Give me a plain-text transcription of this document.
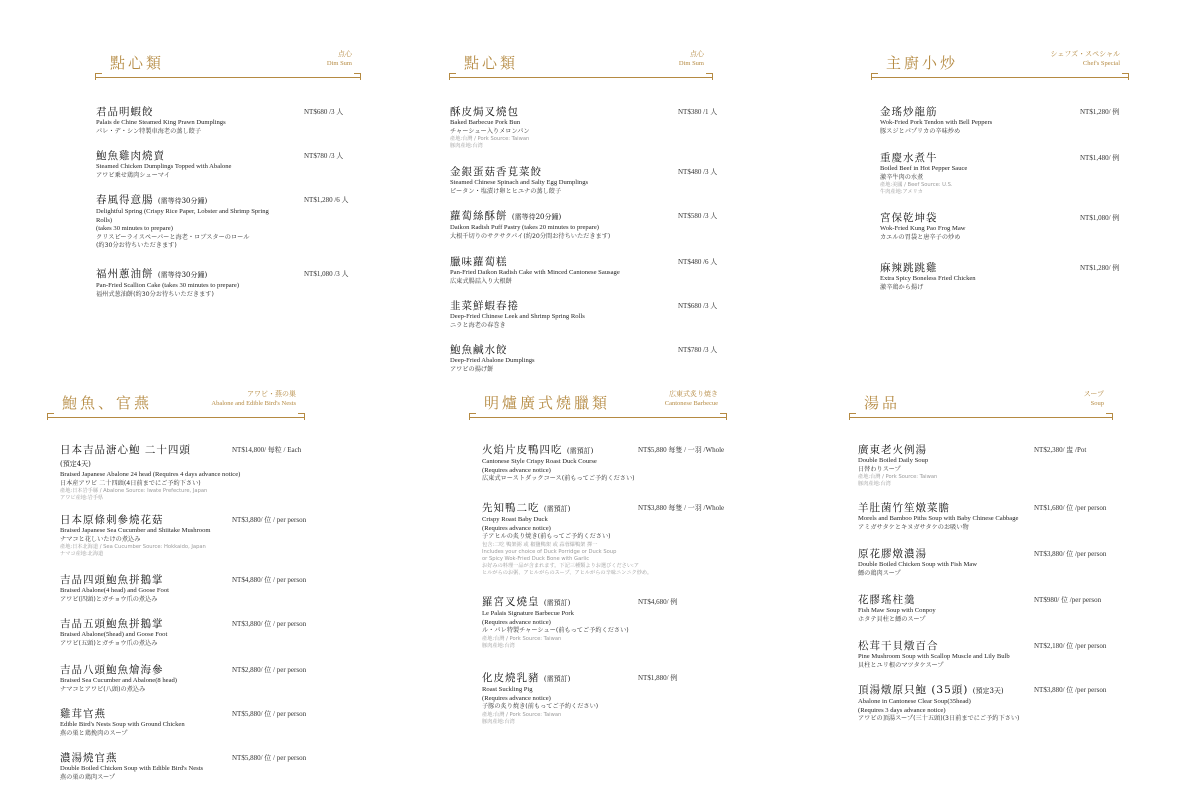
點心類	点心
Dim Sum
君品明蝦餃	NT$680 /3 人
Palais de Chine Steamed King Prawn Dumplings
パレ・デ・シン特製車海老の蒸し餃子
鮑魚雞肉燒賣	NT$780 /3 人
Steamed Chicken Dumplings Topped with Abalone
アワビ乗せ鶏肉シューマイ
春風得意腸 (需等待30分鐘)	NT$1,280 /6 人
Delightful Spring (Crispy Rice Paper, Lobster and Shrimp Spring Rolls)
(takes 30 minutes to prepare)
クリスピーライスペーパーと海老・ロブスターのロール
(約30分お待ちいただきます)
福州蔥油餅 (需等待30分鐘)	NT$1,080 /3 人
Pan-Fried Scallion Cake (takes 30 minutes to prepare)
福州式葱油餅(約30分お待ちいただきます)
點心類	点心
Dim Sum
酥皮焗叉燒包	NT$380 /1 人
Baked Barbecue Pork Bun
チャーシュー入りメロンパン
產地:台灣 / Pork Source: Taiwan
豚肉産地:台湾
金銀蛋菇香莧菜餃	NT$480 /3 人
Steamed Chinese Spinach and Salty Egg Dumplings
ピータン・塩漬け卵とヒユナの蒸し餃子
蘿蔔絲酥餅 (需等待20分鐘)	NT$580 /3 人
Daikon Radish Puff Pastry (takes 20 minutes to prepare)
大根千切りのサクサクパイ(約20分間お待ちいただきます)
臘味蘿蔔糕	NT$480 /6 人
Pan-Fried Daikon Radish Cake with Minced Cantonese Sausage
広東式腸詰入り大根餅
韭菜鮮蝦春捲	NT$680 /3 人
Deep-Fried Chinese Leek and Shrimp Spring Rolls
ニラと海老の春巻き
鮑魚鹹水餃	NT$780 /3 人
Deep-Fried Abalone Dumplings
アワビの揚げ餅
主廚小炒	シェフズ・スペシャル
Chef's Special
金瑤炒龍筋	NT$1,280/ 例
Wok-Fried Pork Tendon with Bell Peppers
豚スジとパプリカの辛味炒め
重慶水煮牛	NT$1,480/ 例
Boiled Beef in Hot Pepper Sauce
激辛牛肉の水煮
產地:美國 / Beef Source: U.S.
牛肉産地:アメリカ
宮保乾坤袋	NT$1,080/ 例
Wok-Fried Kung Pao Frog Maw
カエルの胃袋と唐辛子の炒め
麻辣跳跳雞	NT$1,280/ 例
Extra Spicy Boneless Fried Chicken
激辛鶏から揚げ
鮑魚、官燕	アワビ・燕の巣
Abalone and Edible Bird's Nests
日本吉品溏心鮑 二十四頭
(預定4天)
NT$14,800/ 每粒 / Each
Braised Japanese Abalone 24 head (Requires 4 days advance notice)
日本産アワビ 二十四頭(4日前までにご予約下さい)
產地:日本岩手縣 / Abalone Source: Iwate Prefecture, Japan
アワビ産地:岩手県
日本原條刺參燒花菇	NT$3,880/ 位 / per person
Braised Japanese Sea Cucumber and Shiitake Mushroom
ナマコと花しいたけの煮込み
產地:日本北海道 / Sea Cucumber Source: Hokkaido, Japan
ナマコ産地:北海道
吉品四頭鮑魚拼鵝掌	NT$4,880/ 位 / per person
Braised Abalone(4 head) and Goose Foot
アワビ(四頭)とガチョウ爪の煮込み
吉品五頭鮑魚拼鵝掌	NT$3,880/ 位 / per person
Braised Abalone(5head) and Goose Foot
アワビ(五頭)とガチョウ爪の煮込み
吉品八頭鮑魚燴海參	NT$2,880/ 位 / per person
Braised Sea Cucumber and Abalone(8 head)
ナマコとアワビ(八頭)の煮込み
雞茸官燕	NT$5,880/ 位 / per person
Edible Bird's Nests Soup with Ground Chicken
燕の巣と鶏挽肉のスープ
濃湯燒官燕	NT$5,880/ 位 / per person
Double Boiled Chicken Soup with Edible Bird's Nests
燕の巣の鶏肉スープ
明爐廣式燒臘類	広東式炙り焼き
Cantonese Barbecue
火焰片皮鴨四吃 (需預訂)	NT$5,880 每隻 / 一羽 /Whole
Cantonese Style Crispy Roast Duck Course
(Requires advance notice)
広東式ローストダックコース(前もってご予約ください)
先知鴨二吃 (需預訂)	NT$3,880 每隻 / 一羽 /Whole
Crispy Roast Baby Duck
(Requires advance notice)
子アヒルの炙り焼き(前もってご予約ください)
包含:二吃 鴨架粥 或 椒鹽鴨架 或 蒜蓉爆鴨架 擇一
Includes your choice of Duck Porridge or Duck Soup
or Spicy Wok-Fried Duck Bone with Garlic
お好みの料理一品が含まれます。下記三種類よりお選びください:ア
ヒルがらのお粥、アヒルがらのスープ、アヒルがらの辛味ニンニク炒め。
羅宮叉燒皇 (需預訂)	NT$4,680/ 例
Le Palais Signature Barbecue Pork
(Requires advance notice)
ル・パレ特製チャーシュー(前もってご予約ください)
產地:台灣 / Pork Source: Taiwan
豚肉産地:台湾
化皮燒乳豬 (需預訂)	NT$1,880/ 例
Roast Suckling Pig
(Requires advance notice)
子豚の炙り焼き(前もってご予約ください)
產地:台灣 / Pork Source: Taiwan
豚肉産地:台湾
湯品	スープ
Soup
廣東老火例湯	NT$2,380/ 盅 /Pot
Double Boiled Daily Soup
日替わりスープ
產地:台灣 / Pork Source: Taiwan
豚肉産地:台湾
羊肚菌竹笙燉菜膽	NT$1,680/ 位 /per person
Morels and Bamboo Piths Soup with Baby Chinese Cabbage
アミガサタケとキヌガサタケのお吸い物
原花膠燉濃湯	NT$3,880/ 位 /per person
Double Boiled Chicken Soup with Fish Maw
鰾の鶏肉スープ
花膠瑤柱羹	NT$980/ 位 /per person
Fish Maw Soup with Conpoy
ホタテ貝柱と鰾のスープ
松茸干貝燉百合	NT$2,180/ 位 /per person
Pine Mushroom Soup with Scallop Muscle and Lily Bulb
貝柱とユリ根のマツタケスープ
頂湯燉原只鮑 (35頭) (預定3天)	NT$3,880/ 位 /per person
Abalone in Cantonese Clear Soup(35head)
(Requires 3 days advance notice)
アワビの頂湯スープ(三十五頭)(3日前までにご予約下さい)
